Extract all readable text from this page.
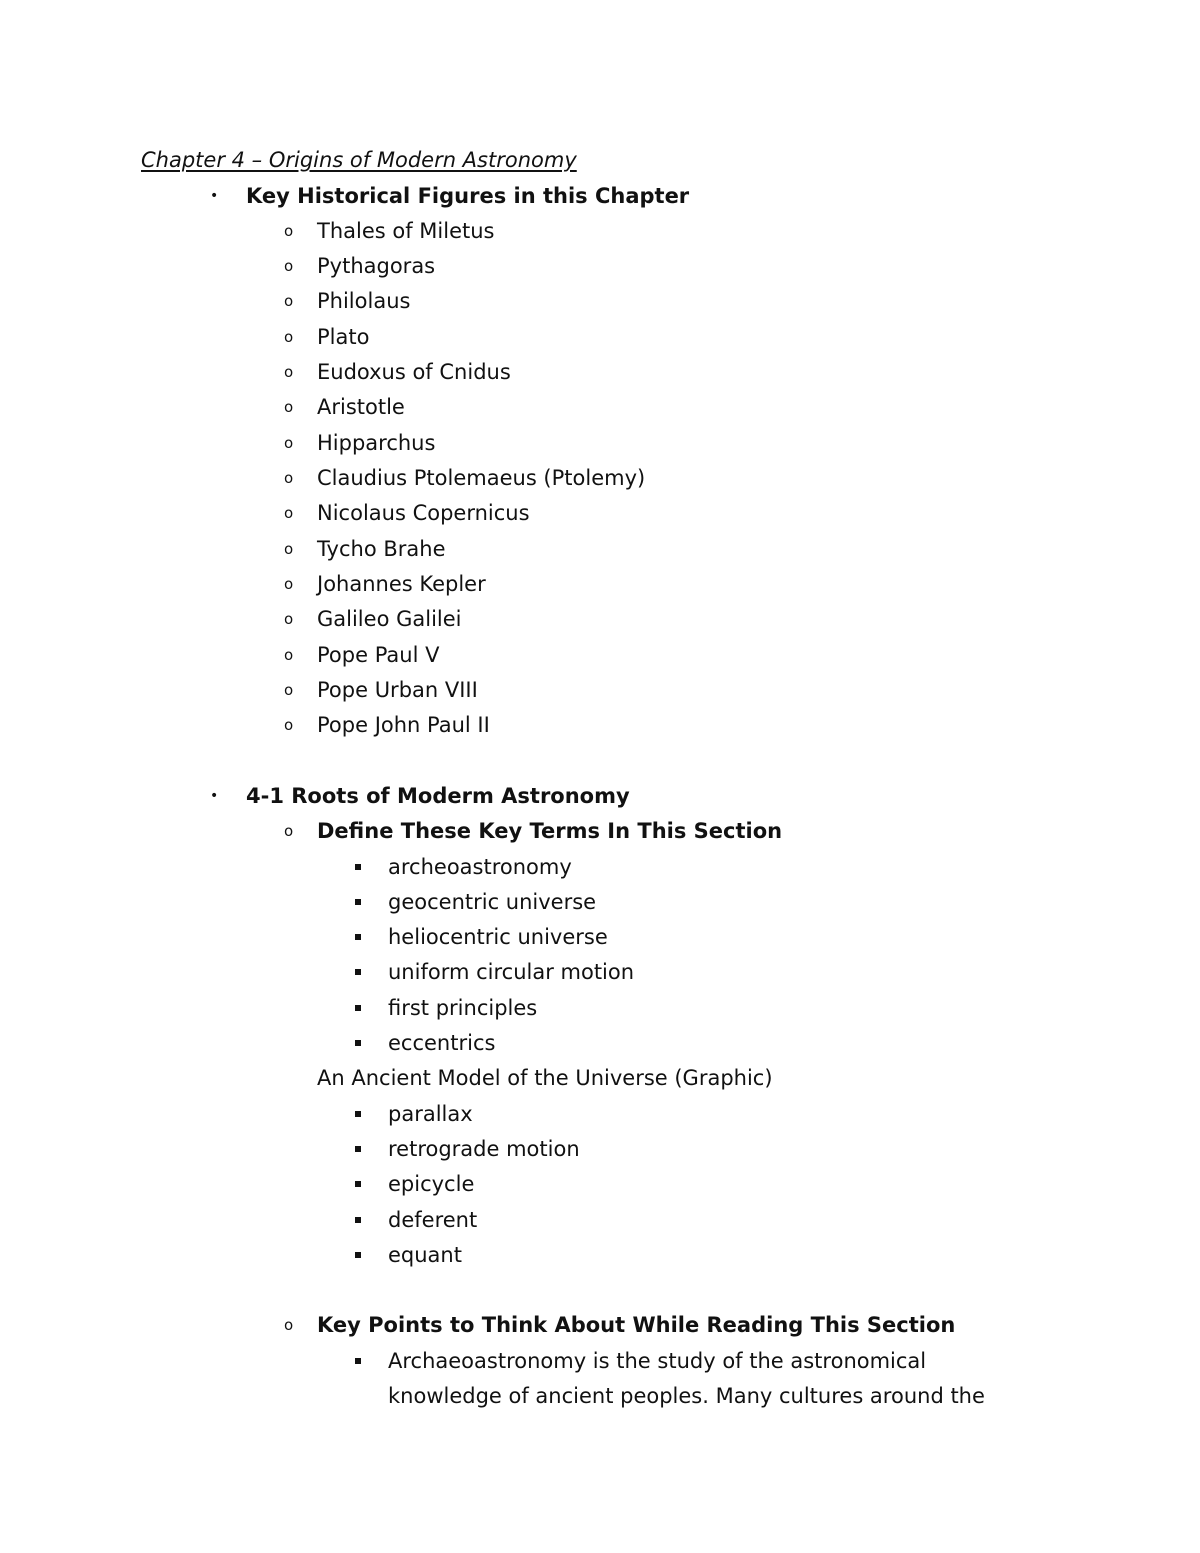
Chapter 4 – Origins of Modern Astronomy
• Key Historical Figures in this Chapter
o Thales of Miletus
o Pythagoras
o Philolaus
o Plato
o Eudoxus of Cnidus
o Aristotle
o Hipparchus
o Claudius Ptolemaeus (Ptolemy)
o Nicolaus Copernicus
o Tycho Brahe
o Johannes Kepler
o Galileo Galilei
o Pope Paul V
o Pope Urban VIII
o Pope John Paul II
• 4-1 Roots of Moderm Astronomy
o Define These Key Terms In This Section
archeoastronomy
geocentric universe
heliocentric universe
uniform circular motion
first principles
eccentrics
An Ancient Model of the Universe (Graphic)
parallax
retrograde motion
epicycle
deferent
equant
o Key Points to Think About While Reading This Section
Archaeoastronomy is the study of the astronomical
knowledge of ancient peoples. Many cultures around the
